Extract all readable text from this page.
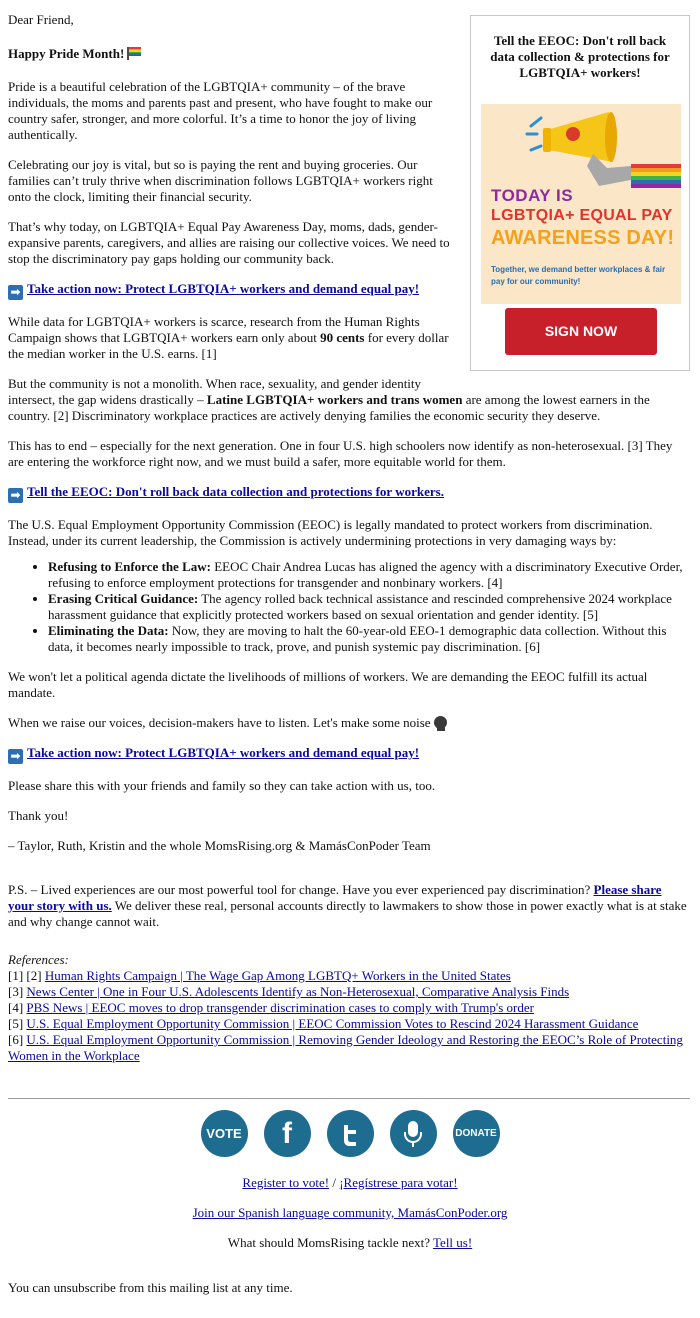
Tell the EEOC: Don't roll back data collection & protections for LGBTQIA+ workers!
TODAY IS
LGBTQIA+ EQUAL PAY
AWARENESS DAY!
Together, we demand better workplaces & fair pay for our community!
SIGN NOW

Dear Friend,

Happy Pride Month!

Pride is a beautiful celebration of the LGBTQIA+ community – of the brave individuals, the moms and parents past and present, who have fought to make our country safer, stronger, and more colorful. It’s a time to honor the joy of living authentically.

Celebrating our joy is vital, but so is paying the rent and buying groceries. Our families can’t truly thrive when discrimination follows LGBTQIA+ workers right onto the clock, limiting their financial security.

That’s why today, on LGBTQIA+ Equal Pay Awareness Day, moms, dads, gender-expansive parents, caregivers, and allies are raising our collective voices. We need to stop the discriminatory pay gaps holding our community back.

➡ Take action now: Protect LGBTQIA+ workers and demand equal pay!

While data for LGBTQIA+ workers is scarce, research from the Human Rights Campaign shows that LGBTQIA+ workers earn only about 90 cents for every dollar the median worker in the U.S. earns. [1]

But the community is not a monolith. When race, sexuality, and gender identity intersect, the gap widens drastically – Latine LGBTQIA+ workers and trans women are among the lowest earners in the country. [2] Discriminatory workplace practices are actively denying families the economic security they deserve.

This has to end – especially for the next generation. One in four U.S. high schoolers now identify as non-heterosexual. [3] They are entering the workforce right now, and we must build a safer, more equitable world for them.

➡ Tell the EEOC: Don't roll back data collection and protections for workers.

The U.S. Equal Employment Opportunity Commission (EEOC) is legally mandated to protect workers from discrimination. Instead, under its current leadership, the Commission is actively undermining protections in very damaging ways by:

• Refusing to Enforce the Law: EEOC Chair Andrea Lucas has aligned the agency with a discriminatory Executive Order, refusing to enforce employment protections for transgender and nonbinary workers. [4]
• Erasing Critical Guidance: The agency rolled back technical assistance and rescinded comprehensive 2024 workplace harassment guidance that explicitly protected workers based on sexual orientation and gender identity. [5]
• Eliminating the Data: Now, they are moving to halt the 60-year-old EEO-1 demographic data collection. Without this data, it becomes nearly impossible to track, prove, and punish systemic pay discrimination. [6]

We won't let a political agenda dictate the livelihoods of millions of workers. We are demanding the EEOC fulfill its actual mandate.

When we raise our voices, decision-makers have to listen. Let's make some noise

➡ Take action now: Protect LGBTQIA+ workers and demand equal pay!

Please share this with your friends and family so they can take action with us, too.

Thank you!

– Taylor, Ruth, Kristin and the whole MomsRising.org & MamásConPoder Team

P.S. – Lived experiences are our most powerful tool for change. Have you ever experienced pay discrimination? Please share your story with us. We deliver these real, personal accounts directly to lawmakers to show those in power exactly what is at stake and why change cannot wait.

References:
[1] [2] Human Rights Campaign | The Wage Gap Among LGBTQ+ Workers in the United States
[3] News Center | One in Four U.S. Adolescents Identify as Non-Heterosexual, Comparative Analysis Finds
[4] PBS News | EEOC moves to drop transgender discrimination cases to comply with Trump's order
[5] U.S. Equal Employment Opportunity Commission | EEOC Commission Votes to Rescind 2024 Harassment Guidance
[6] U.S. Equal Employment Opportunity Commission | Removing Gender Ideology and Restoring the EEOC’s Role of Protecting Women in the Workplace
VOTE f	DONATE

Register to vote! / ¡Regístrese para votar!

Join our Spanish language community, MamásConPoder.org

What should MomsRising tackle next? Tell us!

You can unsubscribe from this mailing list at any time.
